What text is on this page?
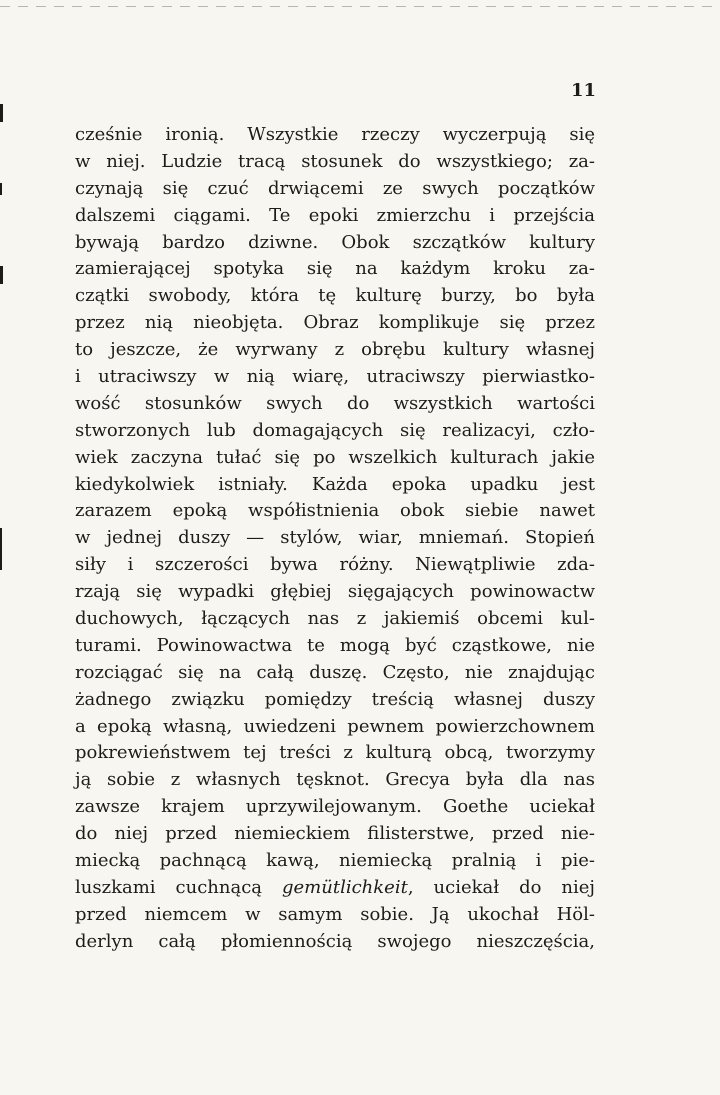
11
cześnie ironią. Wszystkie rzeczy wyczerpują się
w niej. Ludzie tracą stosunek do wszystkiego; za-
czynają się czuć drwiącemi ze swych początków
dalszemi ciągami. Te epoki zmierzchu i przejścia
bywają bardzo dziwne. Obok szczątków kultury
zamierającej spotyka się na każdym kroku za-
czątki swobody, która tę kulturę burzy, bo była
przez nią nieobjęta. Obraz komplikuje się przez
to jeszcze, że wyrwany z obrębu kultury własnej
i utraciwszy w nią wiarę, utraciwszy pierwiastko-
wość stosunków swych do wszystkich wartości
stworzonych lub domagających się realizacyi, czło-
wiek zaczyna tułać się po wszelkich kulturach jakie
kiedykolwiek istniały. Każda epoka upadku jest
zarazem epoką współistnienia obok siebie nawet
w jednej duszy — stylów, wiar, mniemań. Stopień
siły i szczerości bywa różny. Niewątpliwie zda-
rzają się wypadki głębiej sięgających powinowactw
duchowych, łączących nas z jakiemiś obcemi kul-
turami. Powinowactwa te mogą być cząstkowe, nie
rozciągać się na całą duszę. Często, nie znajdując
żadnego związku pomiędzy treścią własnej duszy
a epoką własną, uwiedzeni pewnem powierzchownem
pokrewieństwem tej treści z kulturą obcą, tworzymy
ją sobie z własnych tęsknot. Grecya była dla nas
zawsze krajem uprzywilejowanym. Goethe uciekał
do niej przed niemieckiem filisterstwe, przed nie-
miecką pachnącą kawą, niemiecką pralnią i pie-
luszkami cuchnącą gemütlichkeit, uciekał do niej
przed niemcem w samym sobie. Ją ukochał Höl-
derlyn całą płomiennością swojego nieszczęścia,
